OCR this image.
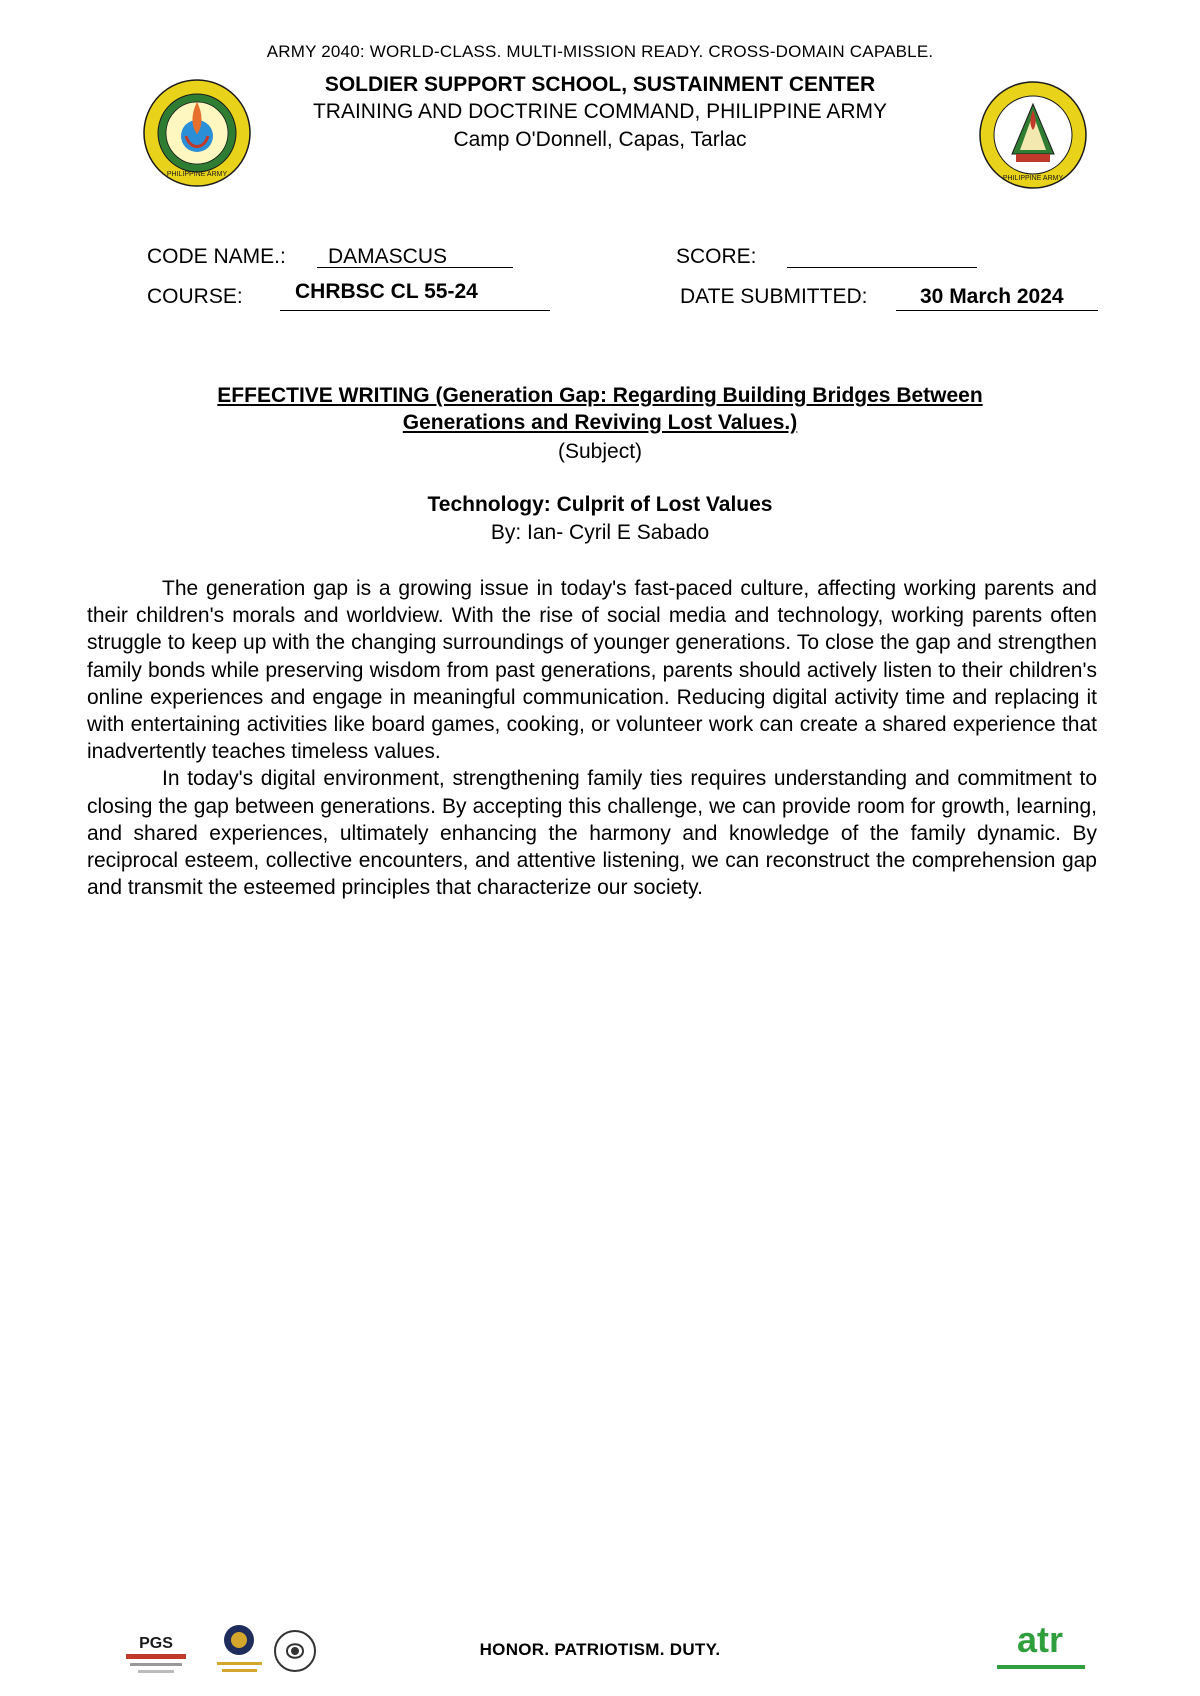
ARMY 2040: WORLD-CLASS. MULTI-MISSION READY. CROSS-DOMAIN CAPABLE.
SOLDIER SUPPORT SCHOOL, SUSTAINMENT CENTER
TRAINING AND DOCTRINE COMMAND, PHILIPPINE ARMY
Camp O'Donnell, Capas, Tarlac
PHILIPPINE ARMY
PHILIPPINE ARMY
CODE NAME.: DAMASCUS	SCORE:
COURSE: CHRBSC CL 55-24	DATE SUBMITTED:	30 March 2024
EFFECTIVE WRITING (Generation Gap: Regarding Building Bridges Between
Generations and Reviving Lost Values.)
(Subject)
Technology: Culprit of Lost Values
By: Ian- Cyril E Sabado

The generation gap is a growing issue in today's fast-paced culture, affecting working parents and their children's morals and worldview. With the rise of social media and technology, working parents often struggle to keep up with the changing surroundings of younger generations. To close the gap and strengthen family bonds while preserving wisdom from past generations, parents should actively listen to their children's online experiences and engage in meaningful communication. Reducing digital activity time and replacing it with entertaining activities like board games, cooking, or volunteer work can create a shared experience that inadvertently teaches timeless values.

In today's digital environment, strengthening family ties requires understanding and commitment to closing the gap between generations. By accepting this challenge, we can provide room for growth, learning, and shared experiences, ultimately enhancing the harmony and knowledge of the family dynamic. By reciprocal esteem, collective encounters, and attentive listening, we can reconstruct the comprehension gap and transmit the esteemed principles that characterize our society.

HONOR. PATRIOTISM. DUTY.
PGS	atr
